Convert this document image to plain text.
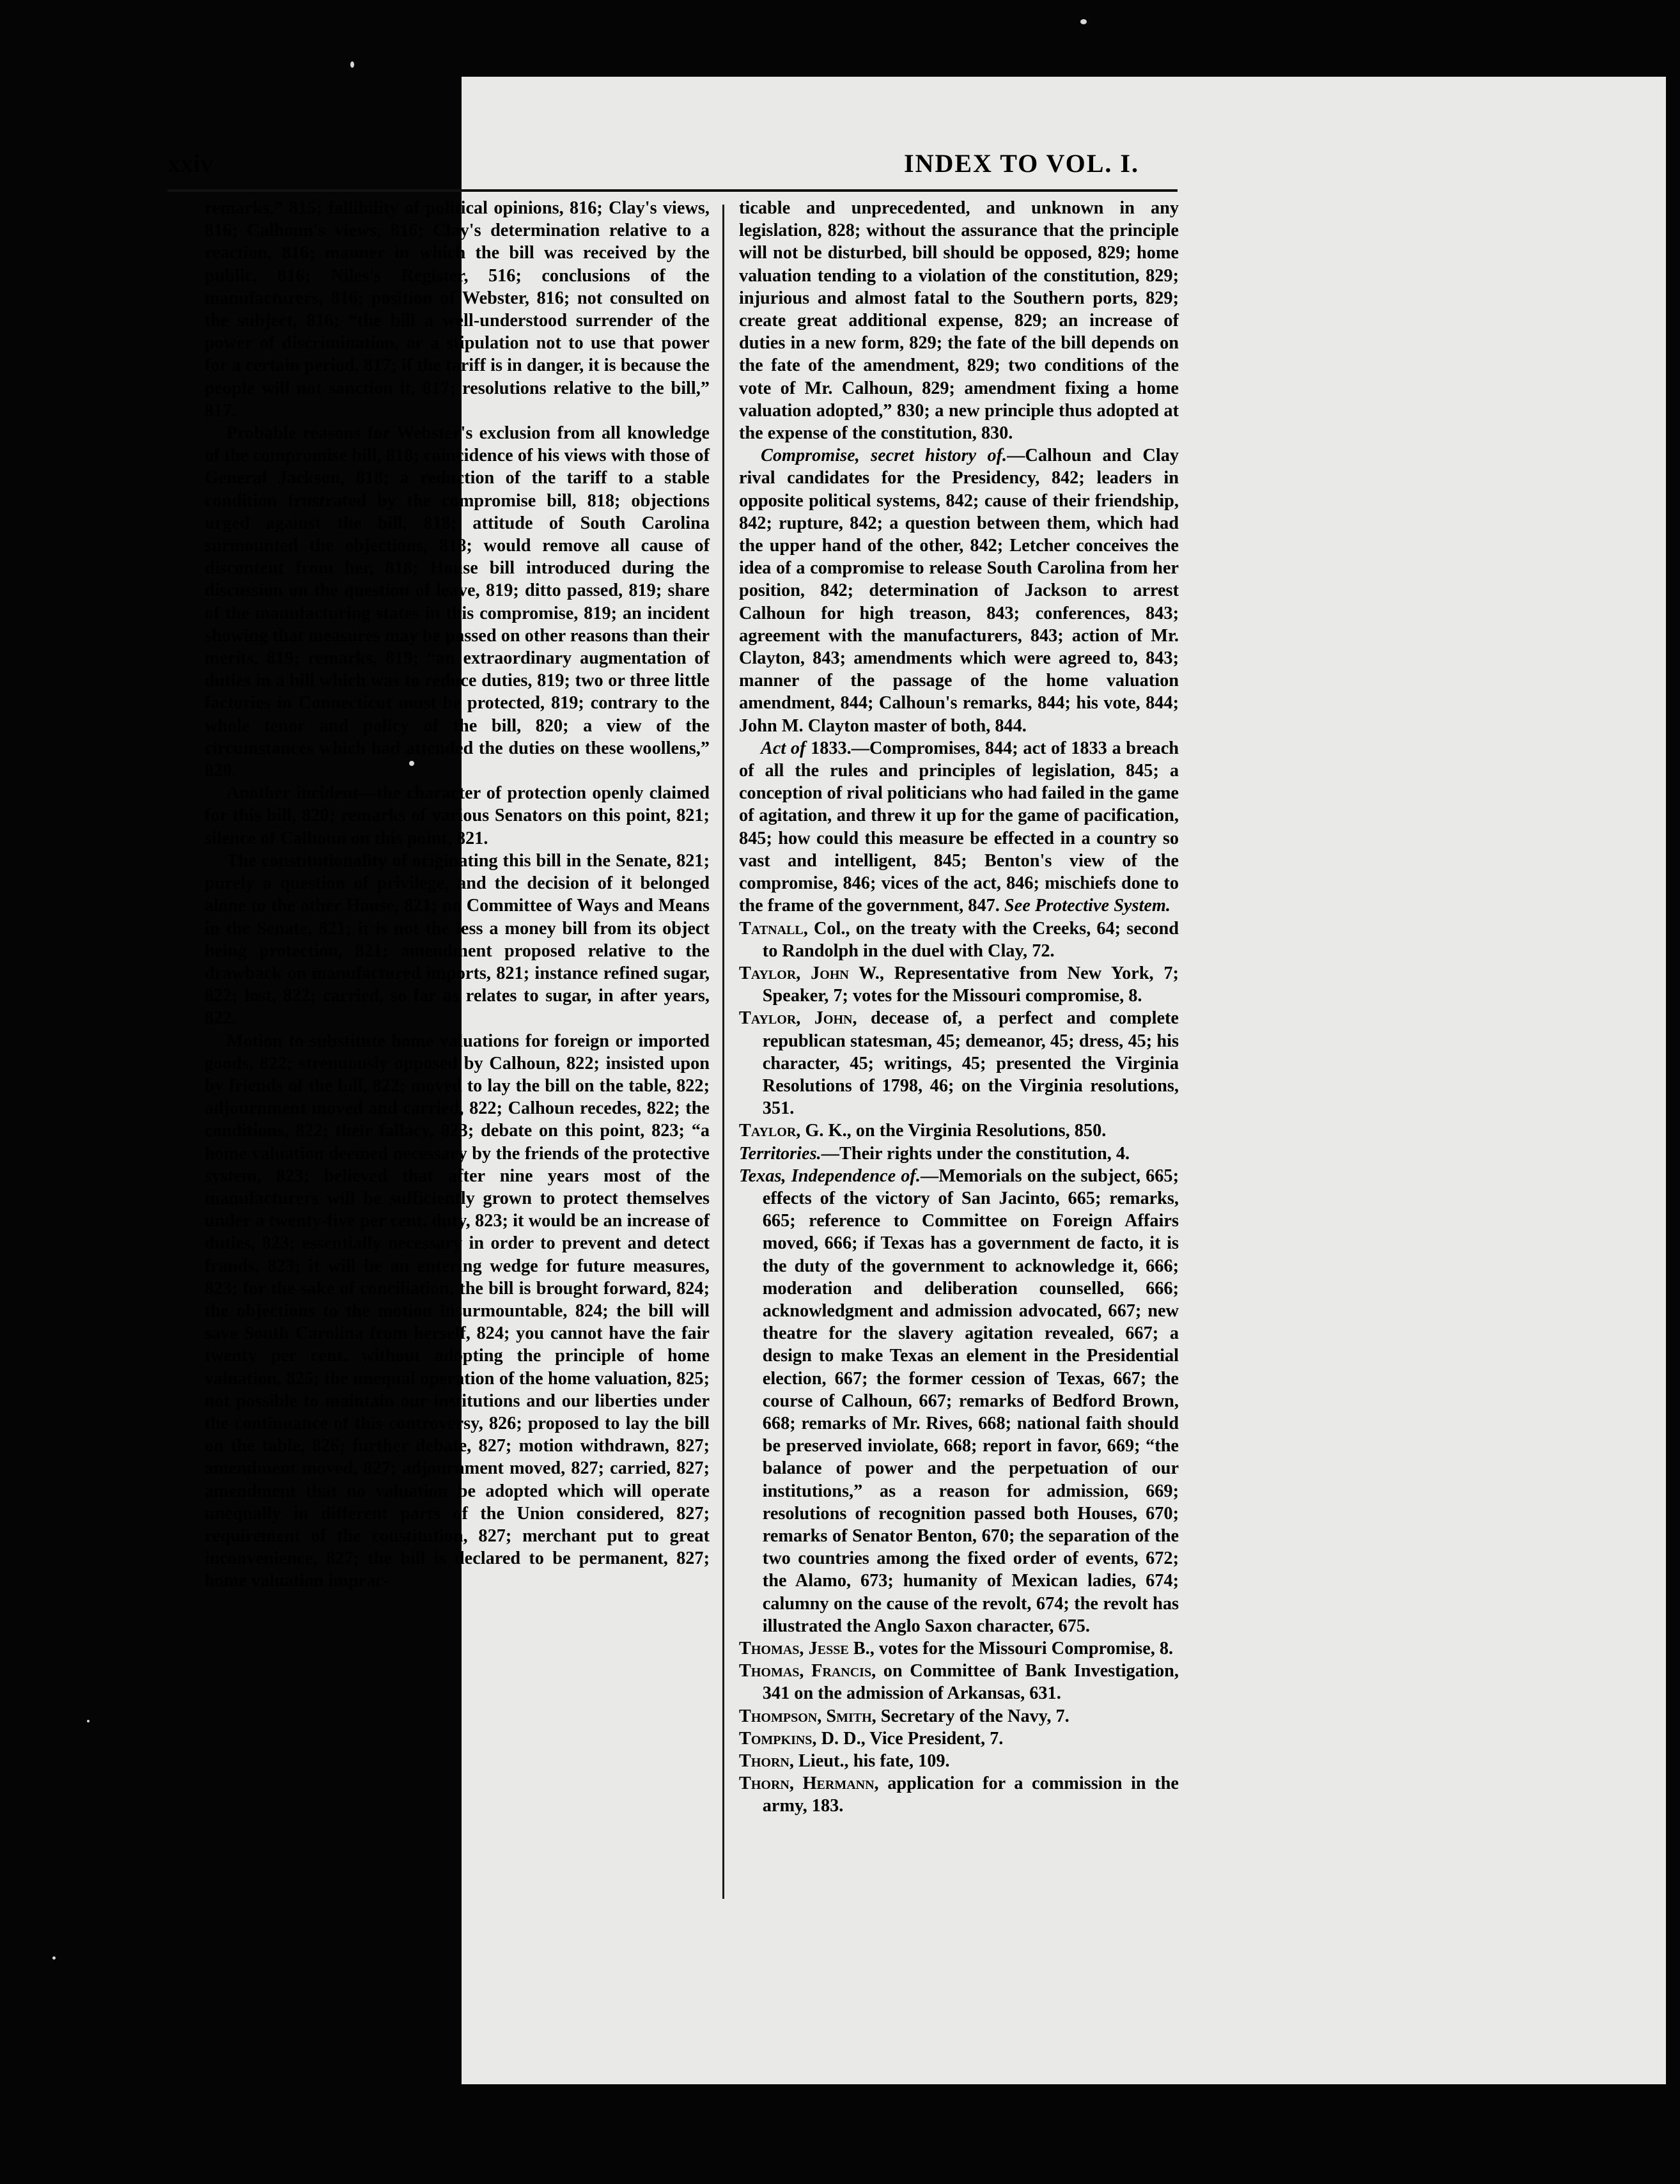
xxiv	INDEX TO VOL. I.

remarks,” 815; fallibility of political opinions, 816; Clay's views, 816; Calhoun's views, 816; Clay's determination relative to a reaction, 816; manner in which the bill was received by the public, 816; Niles's Register, 516; conclusions of the manufacturers, 816; position of Webster, 816; not consulted on the subject, 816; “the bill a well-understood surrender of the power of discrimination, or a stipulation not to use that power for a certain period, 817; if the tariff is in danger, it is because the people will not sanction it, 817; resolutions relative to the bill,” 817.

Probable reasons for Webster's exclusion from all knowledge of the compromise bill, 818; coincidence of his views with those of General Jackson, 818; a reduction of the tariff to a stable condition frustrated by the compromise bill, 818; objections urged against the bill, 818; attitude of South Carolina surmounted the objections, 818; would remove all cause of discontent from her, 818; House bill introduced during the discussion on the question of leave, 819; ditto passed, 819; share of the manufacturing states in this compromise, 819; an incident showing that measures may be passed on other reasons than their merits, 819; remarks, 819; “an extraordinary augmentation of duties in a bill which was to reduce duties, 819; two or three little factories in Connecticut must be protected, 819; contrary to the whole tenor and policy of the bill, 820; a view of the circumstances which had attended the duties on these woollens,” 820.

Another incident—the character of protection openly claimed for this bill, 820; remarks of various Senators on this point, 821; silence of Calhoun on this point, 821.

The constitutionality of originating this bill in the Senate, 821; purely a question of privilege, and the decision of it belonged alone to the other House, 821; no Committee of Ways and Means in the Senate, 821; it is not the less a money bill from its object being protection, 821; amendment proposed relative to the drawback on manufactured imports, 821; instance refined sugar, 822; lost, 822; carried, so far as relates to sugar, in after years, 822.

Motion to substitute home valuations for foreign or imported goods, 822; strenuously opposed by Calhoun, 822; insisted upon by friends of the bill, 822; moved to lay the bill on the table, 822; adjournment moved and carried, 822; Calhoun recedes, 822; the conditions, 822; their fallacy, 823; debate on this point, 823; “a home valuation deemed necessary by the friends of the protective system, 823; believed that after nine years most of the manufacturers will be sufficiently grown to protect themselves under a twenty-five per cent. duty, 823; it would be an increase of duties, 823; essentially necessary in order to prevent and detect frauds, 823; it will be an entering wedge for future measures, 823; for the sake of conciliation, the bill is brought forward, 824; the objections to the motion insurmountable, 824; the bill will save South Carolina from herself, 824; you cannot have the fair twenty per cent. without adopting the principle of home valuation, 825; the unequal operation of the home valuation, 825; not possible to maintain our institutions and our liberties under the continuance of this controversy, 826; proposed to lay the bill on the table, 826; further debate, 827; motion withdrawn, 827; amendment moved, 827; adjournment moved, 827; carried, 827; amendment that no valuation be adopted which will operate unequally in different parts of the Union considered, 827; requirement of the constitution, 827; merchant put to great inconvenience, 827; the bill is declared to be permanent, 827; home valuation imprac-

ticable and unprecedented, and unknown in any legislation, 828; without the assurance that the principle will not be disturbed, bill should be opposed, 829; home valuation tending to a violation of the constitution, 829; injurious and almost fatal to the Southern ports, 829; create great additional expense, 829; an increase of duties in a new form, 829; the fate of the bill depends on the fate of the amendment, 829; two conditions of the vote of Mr. Calhoun, 829; amendment fixing a home valuation adopted,” 830; a new principle thus adopted at the expense of the constitution, 830.

Compromise, secret history of.—Calhoun and Clay rival candidates for the Presidency, 842; leaders in opposite political systems, 842; cause of their friendship, 842; rupture, 842; a question between them, which had the upper hand of the other, 842; Letcher conceives the idea of a compromise to release South Carolina from her position, 842; determination of Jackson to arrest Calhoun for high treason, 843; conferences, 843; agreement with the manufacturers, 843; action of Mr. Clayton, 843; amendments which were agreed to, 843; manner of the passage of the home valuation amendment, 844; Calhoun's remarks, 844; his vote, 844; John M. Clayton master of both, 844.

Act of 1833.—Compromises, 844; act of 1833 a breach of all the rules and principles of legislation, 845; a conception of rival politicians who had failed in the game of agitation, and threw it up for the game of pacification, 845; how could this measure be effected in a country so vast and intelligent, 845; Benton's view of the compromise, 846; vices of the act, 846; mischiefs done to the frame of the government, 847. See Protective System.

Tatnall, Col., on the treaty with the Creeks, 64; second to Randolph in the duel with Clay, 72.

Taylor, John W., Representative from New York, 7; Speaker, 7; votes for the Missouri compromise, 8.

Taylor, John, decease of, a perfect and complete republican statesman, 45; demeanor, 45; dress, 45; his character, 45; writings, 45; presented the Virginia Resolutions of 1798, 46; on the Virginia resolutions, 351.

Taylor, G. K., on the Virginia Resolutions, 850.

Territories.—Their rights under the constitution, 4.

Texas, Independence of.—Memorials on the subject, 665; effects of the victory of San Jacinto, 665; remarks, 665; reference to Committee on Foreign Affairs moved, 666; if Texas has a government de facto, it is the duty of the government to acknowledge it, 666; moderation and deliberation counselled, 666; acknowledgment and admission advocated, 667; new theatre for the slavery agitation revealed, 667; a design to make Texas an element in the Presidential election, 667; the former cession of Texas, 667; the course of Calhoun, 667; remarks of Bedford Brown, 668; remarks of Mr. Rives, 668; national faith should be preserved inviolate, 668; report in favor, 669; “the balance of power and the perpetuation of our institutions,” as a reason for admission, 669; resolutions of recognition passed both Houses, 670; remarks of Senator Benton, 670; the separation of the two countries among the fixed order of events, 672; the Alamo, 673; humanity of Mexican ladies, 674; calumny on the cause of the revolt, 674; the revolt has illustrated the Anglo Saxon character, 675.

Thomas, Jesse B., votes for the Missouri Compromise, 8.

Thomas, Francis, on Committee of Bank Investigation, 341 on the admission of Arkansas, 631.

Thompson, Smith, Secretary of the Navy, 7.

Tompkins, D. D., Vice President, 7.

Thorn, Lieut., his fate, 109.

Thorn, Hermann, application for a commission in the army, 183.
